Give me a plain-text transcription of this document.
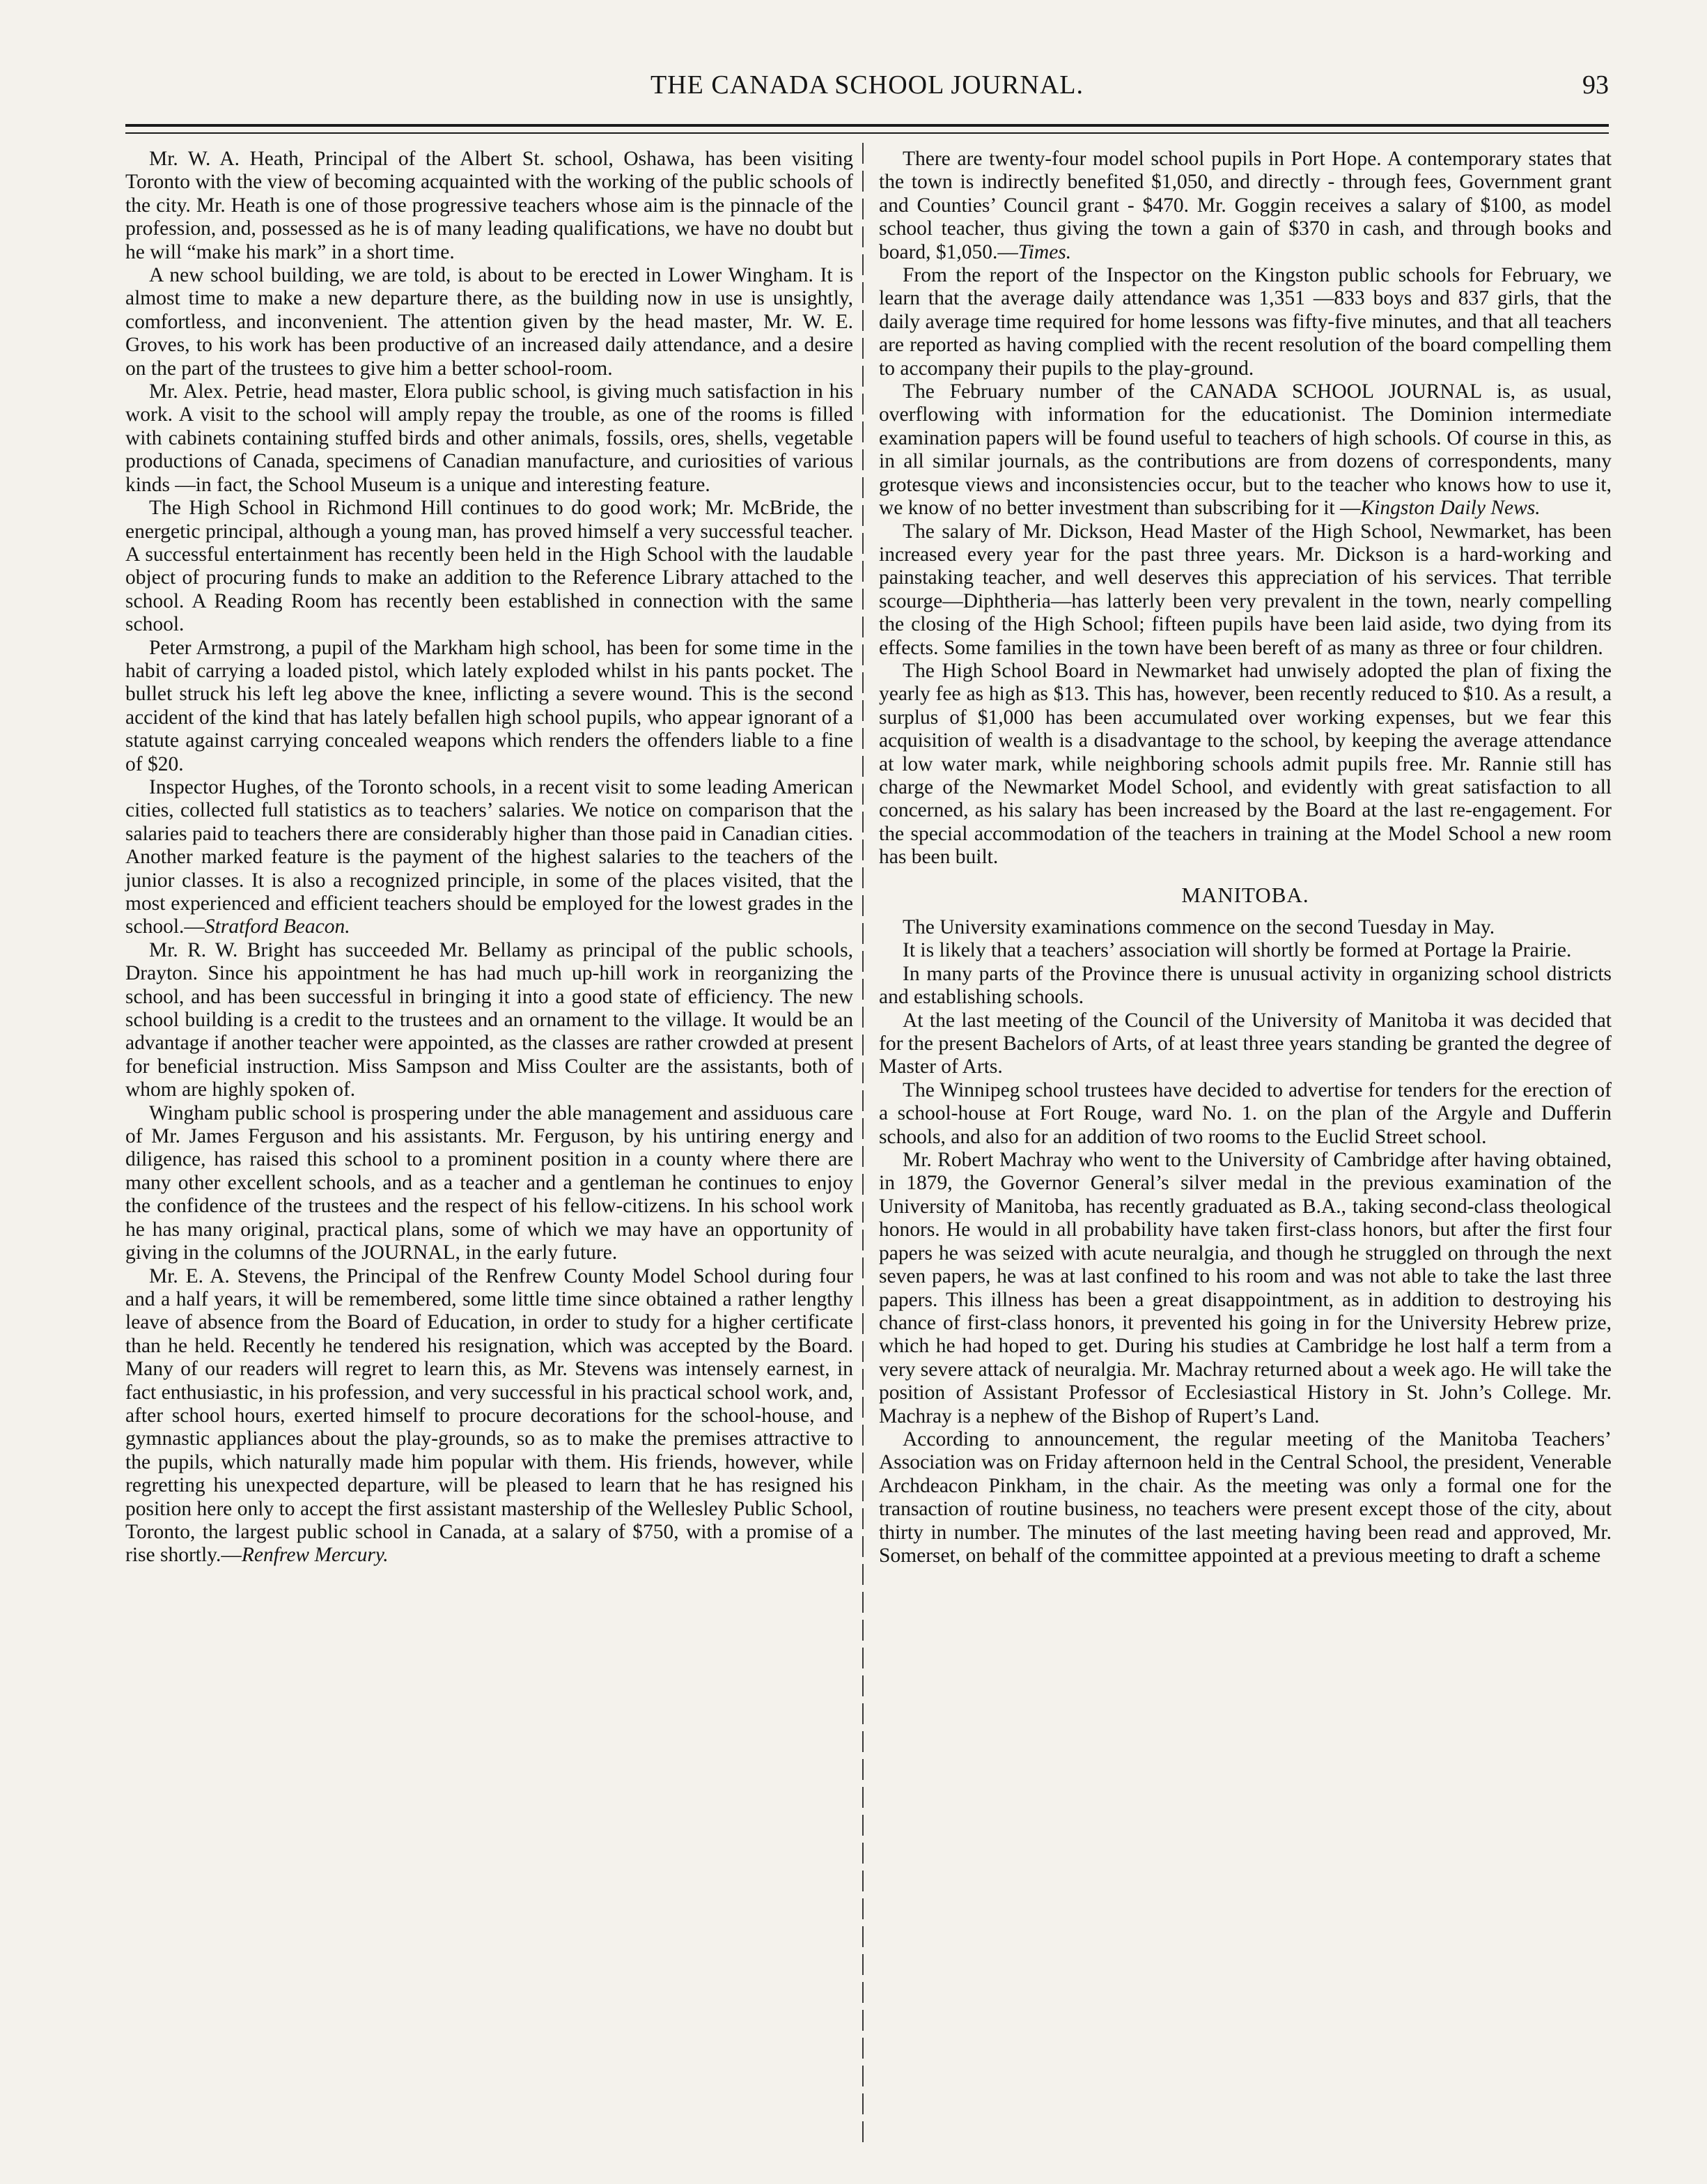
THE CANADA SCHOOL JOURNAL.	93

Mr. W. A. Heath, Principal of the Albert St. school, Oshawa, has been visiting Toronto with the view of becoming acquainted with the working of the public schools of the city. Mr. Heath is one of those progressive teachers whose aim is the pinnacle of the profession, and, possessed as he is of many leading qualifications, we have no doubt but he will “make his mark” in a short time.

A new school building, we are told, is about to be erected in Lower Wingham. It is almost time to make a new departure there, as the building now in use is unsightly, comfortless, and inconvenient. The attention given by the head master, Mr. W. E. Groves, to his work has been productive of an increased daily attendance, and a desire on the part of the trustees to give him a better school-room.

Mr. Alex. Petrie, head master, Elora public school, is giving much satisfaction in his work. A visit to the school will amply repay the trouble, as one of the rooms is filled with cabinets containing stuffed birds and other animals, fossils, ores, shells, vegetable productions of Canada, specimens of Canadian manufacture, and curiosities of various kinds —in fact, the School Museum is a unique and interesting feature.

The High School in Richmond Hill continues to do good work; Mr. McBride, the energetic principal, although a young man, has proved himself a very successful teacher. A successful entertainment has recently been held in the High School with the laudable object of procuring funds to make an addition to the Reference Library attached to the school. A Reading Room has recently been established in connection with the same school.

Peter Armstrong, a pupil of the Markham high school, has been for some time in the habit of carrying a loaded pistol, which lately exploded whilst in his pants pocket. The bullet struck his left leg above the knee, inflicting a severe wound. This is the second accident of the kind that has lately befallen high school pupils, who appear ignorant of a statute against carrying concealed weapons which renders the offenders liable to a fine of $20.

Inspector Hughes, of the Toronto schools, in a recent visit to some leading American cities, collected full statistics as to teachers’ salaries. We notice on comparison that the salaries paid to teachers there are considerably higher than those paid in Canadian cities. Another marked feature is the payment of the highest salaries to the teachers of the junior classes. It is also a recognized principle, in some of the places visited, that the most experienced and efficient teachers should be employed for the lowest grades in the school.—Stratford Beacon.

Mr. R. W. Bright has succeeded Mr. Bellamy as principal of the public schools, Drayton. Since his appointment he has had much up-hill work in reorganizing the school, and has been successful in bringing it into a good state of efficiency. The new school building is a credit to the trustees and an ornament to the village. It would be an advantage if another teacher were appointed, as the classes are rather crowded at present for beneficial instruction. Miss Sampson and Miss Coulter are the assistants, both of whom are highly spoken of.

Wingham public school is prospering under the able management and assiduous care of Mr. James Ferguson and his assistants. Mr. Ferguson, by his untiring energy and diligence, has raised this school to a prominent position in a county where there are many other excellent schools, and as a teacher and a gentleman he continues to enjoy the confidence of the trustees and the respect of his fellow-citizens. In his school work he has many original, practical plans, some of which we may have an opportunity of giving in the columns of the JOURNAL, in the early future.

Mr. E. A. Stevens, the Principal of the Renfrew County Model School during four and a half years, it will be remembered, some little time since obtained a rather lengthy leave of absence from the Board of Education, in order to study for a higher certificate than he held. Recently he tendered his resignation, which was accepted by the Board. Many of our readers will regret to learn this, as Mr. Stevens was intensely earnest, in fact enthusiastic, in his profession, and very successful in his practical school work, and, after school hours, exerted himself to procure decorations for the school-house, and gymnastic appliances about the play-grounds, so as to make the premises attractive to the pupils, which naturally made him popular with them. His friends, however, while regretting his unexpected departure, will be pleased to learn that he has resigned his position here only to accept the first assistant mastership of the Wellesley Public School, Toronto, the largest public school in Canada, at a salary of $750, with a promise of a rise shortly.—Renfrew Mercury.

There are twenty-four model school pupils in Port Hope. A contemporary states that the town is indirectly benefited $1,050, and directly - through fees, Government grant and Counties’ Council grant - $470. Mr. Goggin receives a salary of $100, as model school teacher, thus giving the town a gain of $370 in cash, and through books and board, $1,050.—Times.

From the report of the Inspector on the Kingston public schools for February, we learn that the average daily attendance was 1,351 —833 boys and 837 girls, that the daily average time required for home lessons was fifty-five minutes, and that all teachers are reported as having complied with the recent resolution of the board compelling them to accompany their pupils to the play-ground.

The February number of the CANADA SCHOOL JOURNAL is, as usual, overflowing with information for the educationist. The Dominion intermediate examination papers will be found useful to teachers of high schools. Of course in this, as in all similar journals, as the contributions are from dozens of correspondents, many grotesque views and inconsistencies occur, but to the teacher who knows how to use it, we know of no better investment than subscribing for it —Kingston Daily News.

The salary of Mr. Dickson, Head Master of the High School, Newmarket, has been increased every year for the past three years. Mr. Dickson is a hard-working and painstaking teacher, and well deserves this appreciation of his services. That terrible scourge—Diphtheria—has latterly been very prevalent in the town, nearly compelling the closing of the High School; fifteen pupils have been laid aside, two dying from its effects. Some families in the town have been bereft of as many as three or four children.

The High School Board in Newmarket had unwisely adopted the plan of fixing the yearly fee as high as $13. This has, however, been recently reduced to $10. As a result, a surplus of $1,000 has been accumulated over working expenses, but we fear this acquisition of wealth is a disadvantage to the school, by keeping the average attendance at low water mark, while neighboring schools admit pupils free. Mr. Rannie still has charge of the Newmarket Model School, and evidently with great satisfaction to all concerned, as his salary has been increased by the Board at the last re-engagement. For the special accommodation of the teachers in training at the Model School a new room has been built.

MANITOBA.

The University examinations commence on the second Tuesday in May.

It is likely that a teachers’ association will shortly be formed at Portage la Prairie.

In many parts of the Province there is unusual activity in organizing school districts and establishing schools.

At the last meeting of the Council of the University of Manitoba it was decided that for the present Bachelors of Arts, of at least three years standing be granted the degree of Master of Arts.

The Winnipeg school trustees have decided to advertise for tenders for the erection of a school-house at Fort Rouge, ward No. 1. on the plan of the Argyle and Dufferin schools, and also for an addition of two rooms to the Euclid Street school.

Mr. Robert Machray who went to the University of Cambridge after having obtained, in 1879, the Governor General’s silver medal in the previous examination of the University of Manitoba, has recently graduated as B.A., taking second-class theological honors. He would in all probability have taken first-class honors, but after the first four papers he was seized with acute neuralgia, and though he struggled on through the next seven papers, he was at last confined to his room and was not able to take the last three papers. This illness has been a great disappointment, as in addition to destroying his chance of first-class honors, it prevented his going in for the University Hebrew prize, which he had hoped to get. During his studies at Cambridge he lost half a term from a very severe attack of neuralgia. Mr. Machray returned about a week ago. He will take the position of Assistant Professor of Ecclesiastical History in St. John’s College. Mr. Machray is a nephew of the Bishop of Rupert’s Land.

According to announcement, the regular meeting of the Manitoba Teachers’ Association was on Friday afternoon held in the Central School, the president, Venerable Archdeacon Pinkham, in the chair. As the meeting was only a formal one for the transaction of routine business, no teachers were present except those of the city, about thirty in number. The minutes of the last meeting having been read and approved, Mr. Somerset, on behalf of the committee appointed at a previous meeting to draft a scheme
